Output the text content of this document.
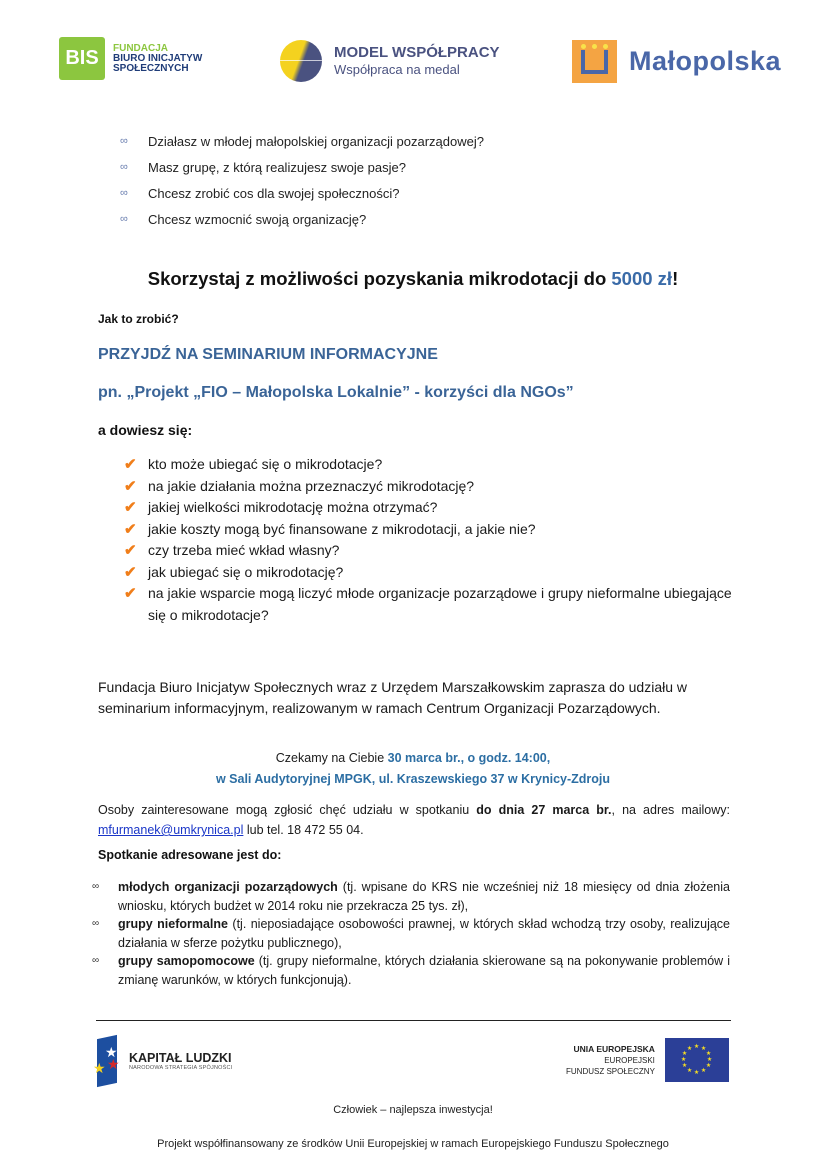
BIS	FUNDACJA
BIURO INICJATYW
SPOŁECZNYCH
MODEL WSPÓŁPRACY
Współpraca na medal	Małopolska
∞	Działasz w młodej małopolskiej organizacji pozarządowej?
∞	Masz grupę, z którą realizujesz swoje pasje?
∞	Chcesz zrobić cos dla swojej społeczności?
∞	Chcesz wzmocnić swoją organizację?
Skorzystaj z możliwości pozyskania mikrodotacji do 5000 zł!
Jak to zrobić?
PRZYJDŹ NA SEMINARIUM INFORMACYJNE
pn. „Projekt „FIO – Małopolska Lokalnie” - korzyści dla NGOs”
a dowiesz się:
✔ kto może ubiegać się o mikrodotacje?
✔ na jakie działania można przeznaczyć mikrodotację?
✔ jakiej wielkości mikrodotację można otrzymać?
✔ jakie koszty mogą być finansowane z mikrodotacji, a jakie nie?
✔ czy trzeba mieć wkład własny?
✔ jak ubiegać się o mikrodotację?
✔ na jakie wsparcie mogą liczyć młode organizacje pozarządowe i grupy nieformalne ubiegające się o mikrodotacje?
Fundacja Biuro Inicjatyw Społecznych wraz z Urzędem Marszałkowskim zaprasza do udziału w seminarium informacyjnym, realizowanym w ramach Centrum Organizacji Pozarządowych.
Czekamy na Ciebie 30 marca br., o godz. 14:00,
w Sali Audytoryjnej MPGK, ul. Kraszewskiego 37 w Krynicy-Zdroju
Osoby zainteresowane mogą zgłosić chęć udziału w spotkaniu do dnia 27 marca br., na adres mailowy: mfurmanek@umkrynica.pl lub tel. 18 472 55 04.
Spotkanie adresowane jest do:
∞	młodych organizacji pozarządowych (tj. wpisane do KRS nie wcześniej niż 18 miesięcy od dnia złożenia wniosku, których budżet w 2014 roku nie przekracza 25 tys. zł),
∞	grupy nieformalne (tj. nieposiadające osobowości prawnej, w których skład wchodzą trzy osoby, realizujące działania w sferze pożytku publicznego),
∞	grupy samopomocowe (tj. grupy nieformalne, których działania skierowane są na pokonywanie problemów i zmianę warunków, w których funkcjonują).
★
★
★
KAPITAŁ LUDZKI
NARODOWA STRATEGIA SPÓJNOŚCI
UNIA EUROPEJSKA
EUROPEJSKI
FUNDUSZ SPOŁECZNY
★ ★
★
★
★
★
★
★
★
★
★
★
Człowiek – najlepsza inwestycja!
Projekt współfinansowany ze środków Unii Europejskiej w ramach Europejskiego Funduszu Społecznego
